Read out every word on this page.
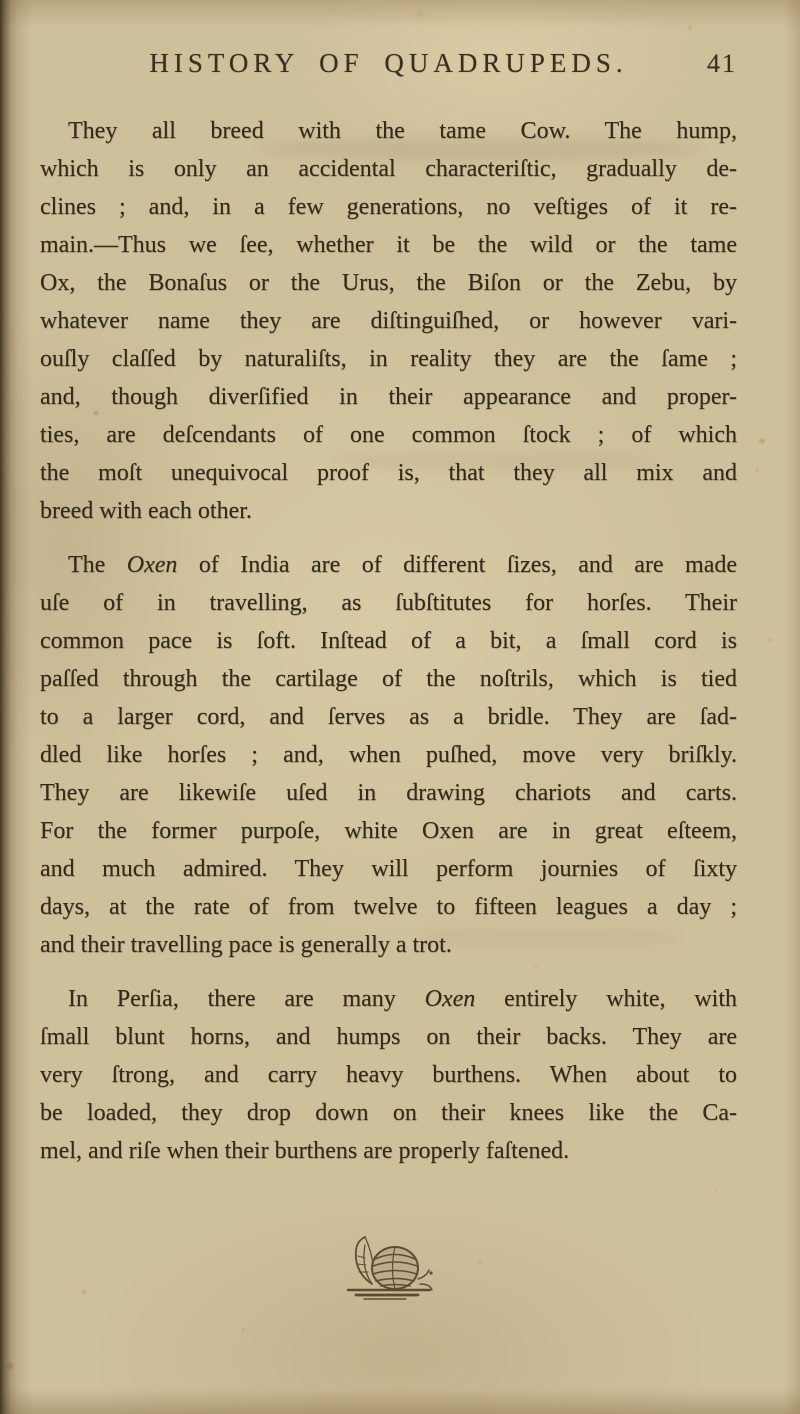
HISTORY OF QUADRUPEDS.	41
They all breed with the tame Cow. The hump,
which is only an accidental characteriſtic, gradually de-
clines ; and, in a few generations, no veſtiges of it re-
main.—Thus we ſee, whether it be the wild or the tame
Ox, the Bonaſus or the Urus, the Biſon or the Zebu, by
whatever name they are diſtinguiſhed, or however vari-
ouſly claſſed by naturaliſts, in reality they are the ſame ;
and, though diverſified in their appearance and proper-
ties, are deſcendants of one common ſtock ; of which
the moſt unequivocal proof is, that they all mix and
breed with each other.
The Oxen of India are of different ſizes, and are made
uſe of in travelling, as ſubſtitutes for horſes. Their
common pace is ſoft. Inſtead of a bit, a ſmall cord is
paſſed through the cartilage of the noſtrils, which is tied
to a larger cord, and ſerves as a bridle. They are ſad-
dled like horſes ; and, when puſhed, move very briſkly.
They are likewiſe uſed in drawing chariots and carts.
For the former purpoſe, white Oxen are in great eſteem,
and much admired. They will perform journies of ſixty
days, at the rate of from twelve to fifteen leagues a day ;
and their travelling pace is generally a trot.
In Perſia, there are many Oxen entirely white, with
ſmall blunt horns, and humps on their backs. They are
very ſtrong, and carry heavy burthens. When about to
be loaded, they drop down on their knees like the Ca-
mel, and riſe when their burthens are properly faſtened.
